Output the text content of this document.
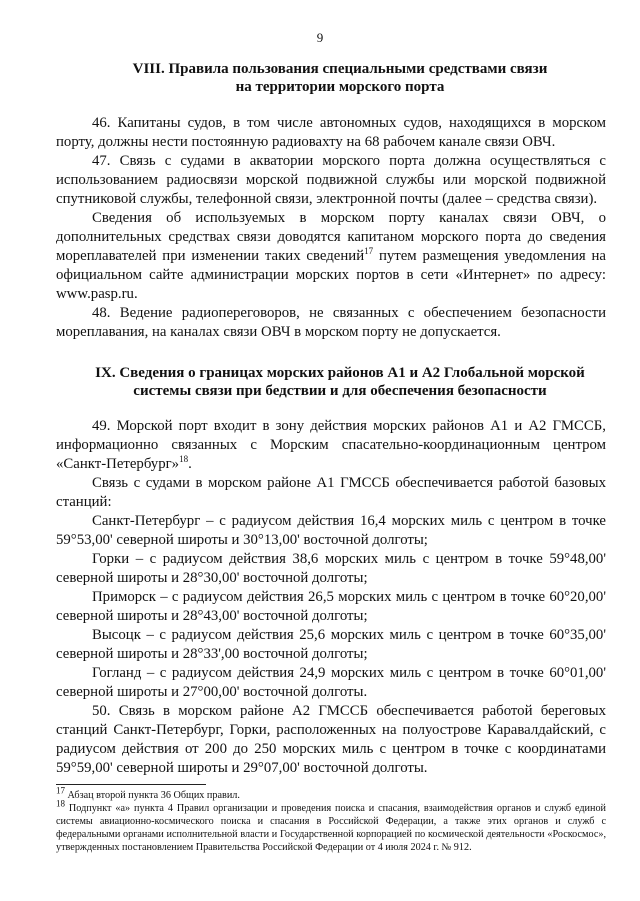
9
VIII. Правила пользования специальными средствами связи
на территории морского порта

46. Капитаны судов, в том числе автономных судов, находящихся в морском порту, должны нести постоянную радиовахту на 68 рабочем канале связи ОВЧ.

47. Связь с судами в акватории морского порта должна осуществляться с использованием радиосвязи морской подвижной службы или морской подвижной спутниковой службы, телефонной связи, электронной почты (далее – средства связи).

Сведения об используемых в морском порту каналах связи ОВЧ, о дополнительных средствах связи доводятся капитаном морского порта до сведения мореплавателей при изменении таких сведений$^{17}$ путем размещения уведомления на официальном сайте администрации морских портов в сети «Интернет» по адресу: www.pasp.ru.

48. Ведение радиопереговоров, не связанных с обеспечением безопасности мореплавания, на каналах связи ОВЧ в морском порту не допускается.

IX. Сведения о границах морских районов А1 и А2 Глобальной морской
системы связи при бедствии и для обеспечения безопасности

49. Морской порт входит в зону действия морских районов А1 и А2 ГМССБ, информационно связанных с Морским спасательно-координационным центром «Санкт-Петербург»$^{18}$.

Связь с судами в морском районе А1 ГМССБ обеспечивается работой базовых станций:

Санкт-Петербург – с радиусом действия 16,4 морских миль с центром в точке 59°53,00' северной широты и 30°13,00' восточной долготы;

Горки – с радиусом действия 38,6 морских миль с центром в точке 59°48,00' северной широты и 28°30,00' восточной долготы;

Приморск – с радиусом действия 26,5 морских миль с центром в точке 60°20,00' северной широты и 28°43,00' восточной долготы;

Высоцк – с радиусом действия 25,6 морских миль с центром в точке 60°35,00' северной широты и 28°33',00 восточной долготы;

Гогланд – с радиусом действия 24,9 морских миль с центром в точке 60°01,00' северной широты и 27°00,00' восточной долготы.

50. Связь в морском районе А2 ГМССБ обеспечивается работой береговых станций Санкт-Петербург, Горки, расположенных на полуострове Каравалдайский, с радиусом действия от 200 до 250 морских миль с центром в точке с координатами 59°59,00' северной широты и 29°07,00' восточной долготы.

$^{17}$ Абзац второй пункта 36 Общих правил.

$^{18}$ Подпункт «а» пункта 4 Правил организации и проведения поиска и спасания, взаимодействия органов и служб единой системы авиационно-космического поиска и спасания в Российской Федерации, а также этих органов и служб с федеральными органами исполнительной власти и Государственной корпорацией по космической деятельности «Роскосмос», утвержденных постановлением Правительства Российской Федерации от 4 июля 2024 г. № 912.
